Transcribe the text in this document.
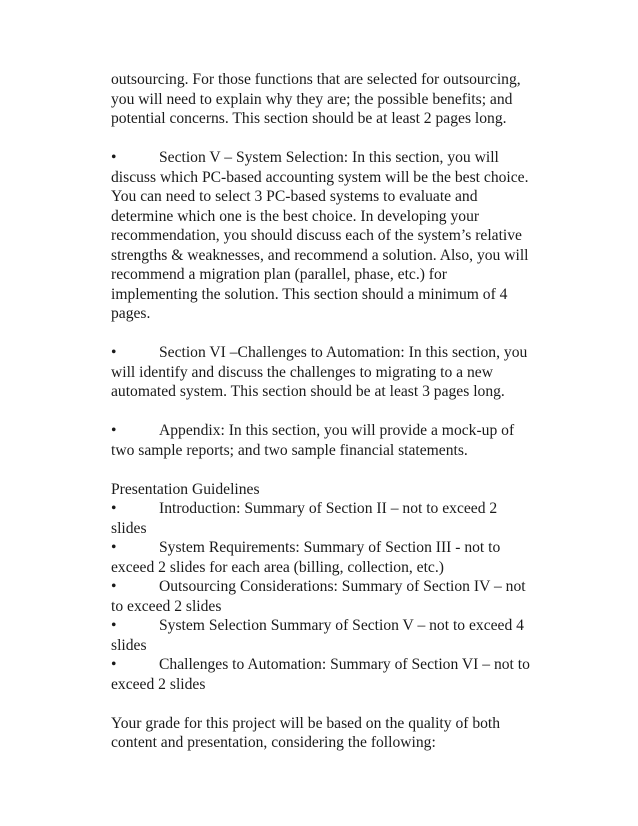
outsourcing. For those functions that are selected for outsourcing,
you will need to explain why they are; the possible benefits; and
potential concerns. This section should be at least 2 pages long.
•	Section V – System Selection: In this section, you will
discuss which PC-based accounting system will be the best choice.
You can need to select 3 PC-based systems to evaluate and
determine which one is the best choice. In developing your
recommendation, you should discuss each of the system’s relative
strengths & weaknesses, and recommend a solution. Also, you will
recommend a migration plan (parallel, phase, etc.) for
implementing the solution. This section should a minimum of 4
pages.
•	Section VI –Challenges to Automation: In this section, you
will identify and discuss the challenges to migrating to a new
automated system. This section should be at least 3 pages long.
•	Appendix: In this section, you will provide a mock-up of
two sample reports; and two sample financial statements.
Presentation Guidelines
•	Introduction: Summary of Section II – not to exceed 2
slides
•	System Requirements: Summary of Section III - not to
exceed 2 slides for each area (billing, collection, etc.)
•	Outsourcing Considerations: Summary of Section IV – not
to exceed 2 slides
•	System Selection Summary of Section V – not to exceed 4
slides
•	Challenges to Automation: Summary of Section VI – not to
exceed 2 slides
Your grade for this project will be based on the quality of both
content and presentation, considering the following:
